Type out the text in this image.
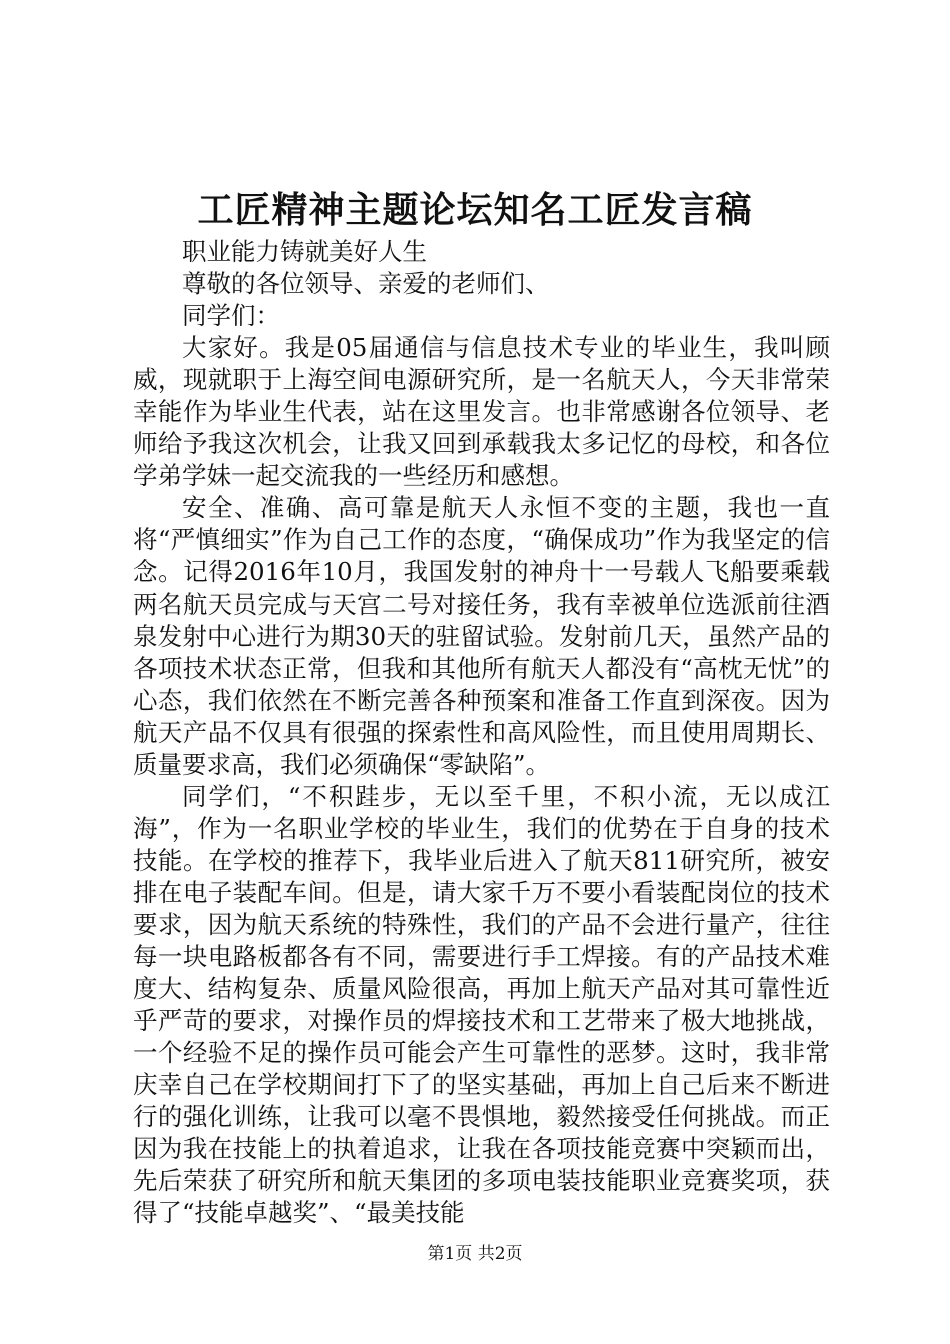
工匠精神主题论坛知名工匠发言稿

职业能力铸就美好人生

尊敬的各位领导、亲爱的老师们、

同学们：

大家好。我是05届通信与信息技术专业的毕业生，我叫顾威，现就职于上海空间电源研究所，是一名航天人，今天非常荣幸能作为毕业生代表，站在这里发言。也非常感谢各位领导、老师给予我这次机会，让我又回到承载我太多记忆的母校，和各位学弟学妹一起交流我的一些经历和感想。

安全、准确、高可靠是航天人永恒不变的主题，我也一直将“严慎细实”作为自己工作的态度，“确保成功”作为我坚定的信念。记得2016年10月，我国发射的神舟十一号载人飞船要乘载两名航天员完成与天宫二号对接任务，我有幸被单位选派前往酒泉发射中心进行为期30天的驻留试验。发射前几天，虽然产品的各项技术状态正常，但我和其他所有航天人都没有“高枕无忧”的心态，我们依然在不断完善各种预案和准备工作直到深夜。因为航天产品不仅具有很强的探索性和高风险性，而且使用周期长、质量要求高，我们必须确保“零缺陷”。

同学们，“不积跬步，无以至千里，不积小流，无以成江海”，作为一名职业学校的毕业生，我们的优势在于自身的技术技能。在学校的推荐下，我毕业后进入了航天811研究所，被安排在电子装配车间。但是，请大家千万不要小看装配岗位的技术要求，因为航天系统的特殊性，我们的产品不会进行量产，往往每一块电路板都各有不同，需要进行手工焊接。有的产品技术难度大、结构复杂、质量风险很高，再加上航天产品对其可靠性近乎严苛的要求，对操作员的焊接技术和工艺带来了极大地挑战，一个经验不足的操作员可能会产生可靠性的恶梦。这时，我非常庆幸自己在学校期间打下了的坚实基础，再加上自己后来不断进行的强化训练，让我可以毫不畏惧地，毅然接受任何挑战。而正因为我在技能上的执着追求，让我在各项技能竞赛中突颖而出，先后荣获了研究所和航天集团的多项电装技能职业竞赛奖项，获得了“技能卓越奖”、“最美技能

第1页 共2页
